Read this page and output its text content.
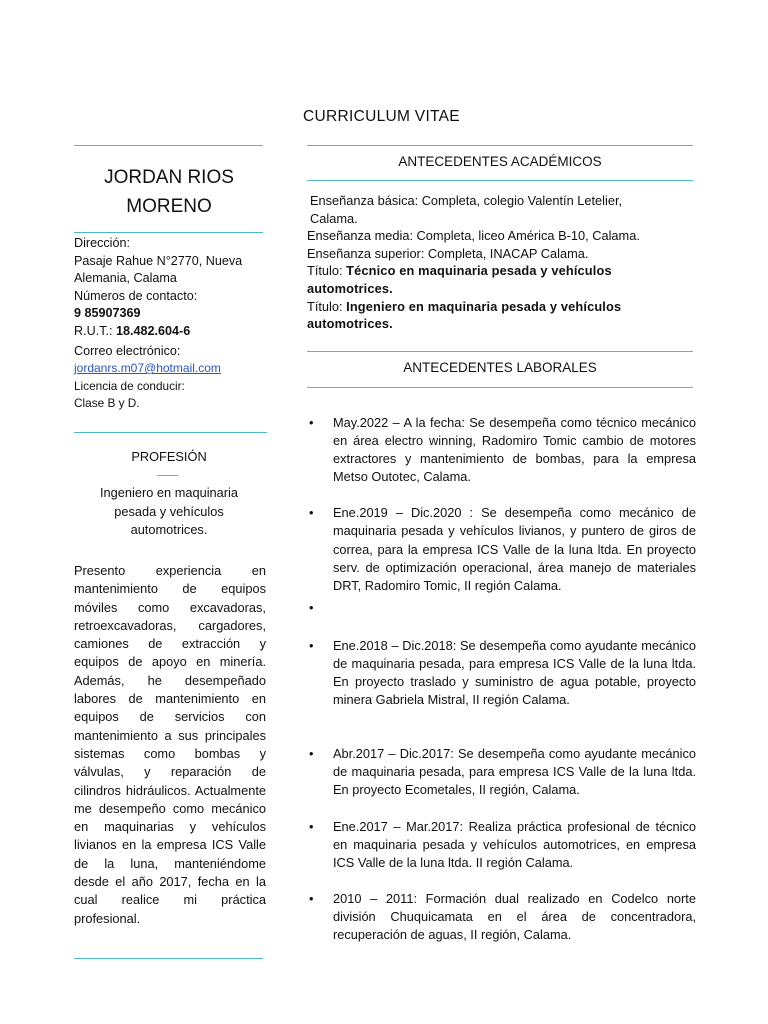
CURRICULUM VITAE
JORDAN RIOS
MORENO
Dirección:
Pasaje Rahue N°2770, Nueva
Alemania, Calama
Números de contacto:
9 85907369
R.U.T.: 18.482.604-6
Correo electrónico:
jordanrs.m07@hotmail.com
Licencia de conducir:
Clase B y D.
PROFESIÓN
Ingeniero en maquinaria
pesada y vehículos
automotrices.
Presento experiencia en mantenimiento de equipos móviles como excavadoras, retroexcavadoras, cargadores, camiones de extracción y equipos de apoyo en minería. Además, he desempeñado labores de mantenimiento en equipos de servicios con mantenimiento a sus principales sistemas como bombas y válvulas, y reparación de cilindros hidráulicos. Actualmente me desempeño como mecánico en maquinarias y vehículos livianos en la empresa ICS Valle de la luna, manteniéndome desde el año 2017, fecha en la cual realice mi práctica profesional.
ANTECEDENTES ACADÉMICOS
Enseñanza básica: Completa, colegio Valentín Letelier,
Calama.
Enseñanza media: Completa, liceo América B-10, Calama.
Enseñanza superior: Completa, INACAP Calama.
Título: Técnico en maquinaria pesada y vehículos
automotrices.
Título: Ingeniero en maquinaria pesada y vehículos
automotrices.
ANTECEDENTES LABORALES
• May.2022 – A la fecha: Se desempeña como técnico mecánico en área electro winning, Radomiro Tomic cambio de motores extractores y mantenimiento de bombas, para la empresa Metso Outotec, Calama.
• Ene.2019 – Dic.2020 : Se desempeña como mecánico de maquinaria pesada y vehículos livianos, y puntero de giros de correa, para la empresa ICS Valle de la luna ltda. En proyecto serv. de optimización operacional, área manejo de materiales DRT, Radomiro Tomic, II región Calama.
•
• Ene.2018 – Dic.2018: Se desempeña como ayudante mecánico de maquinaria pesada, para empresa ICS Valle de la luna ltda. En proyecto traslado y suministro de agua potable, proyecto minera Gabriela Mistral, II región Calama.
• Abr.2017 – Dic.2017: Se desempeña como ayudante mecánico de maquinaria pesada, para empresa ICS Valle de la luna ltda. En proyecto Ecometales, II región, Calama.
• Ene.2017 – Mar.2017: Realiza práctica profesional de técnico en maquinaria pesada y vehículos automotrices, en empresa ICS Valle de la luna ltda. II región Calama.
• 2010 – 2011: Formación dual realizado en Codelco norte división Chuquicamata en el área de concentradora, recuperación de aguas, II región, Calama.
